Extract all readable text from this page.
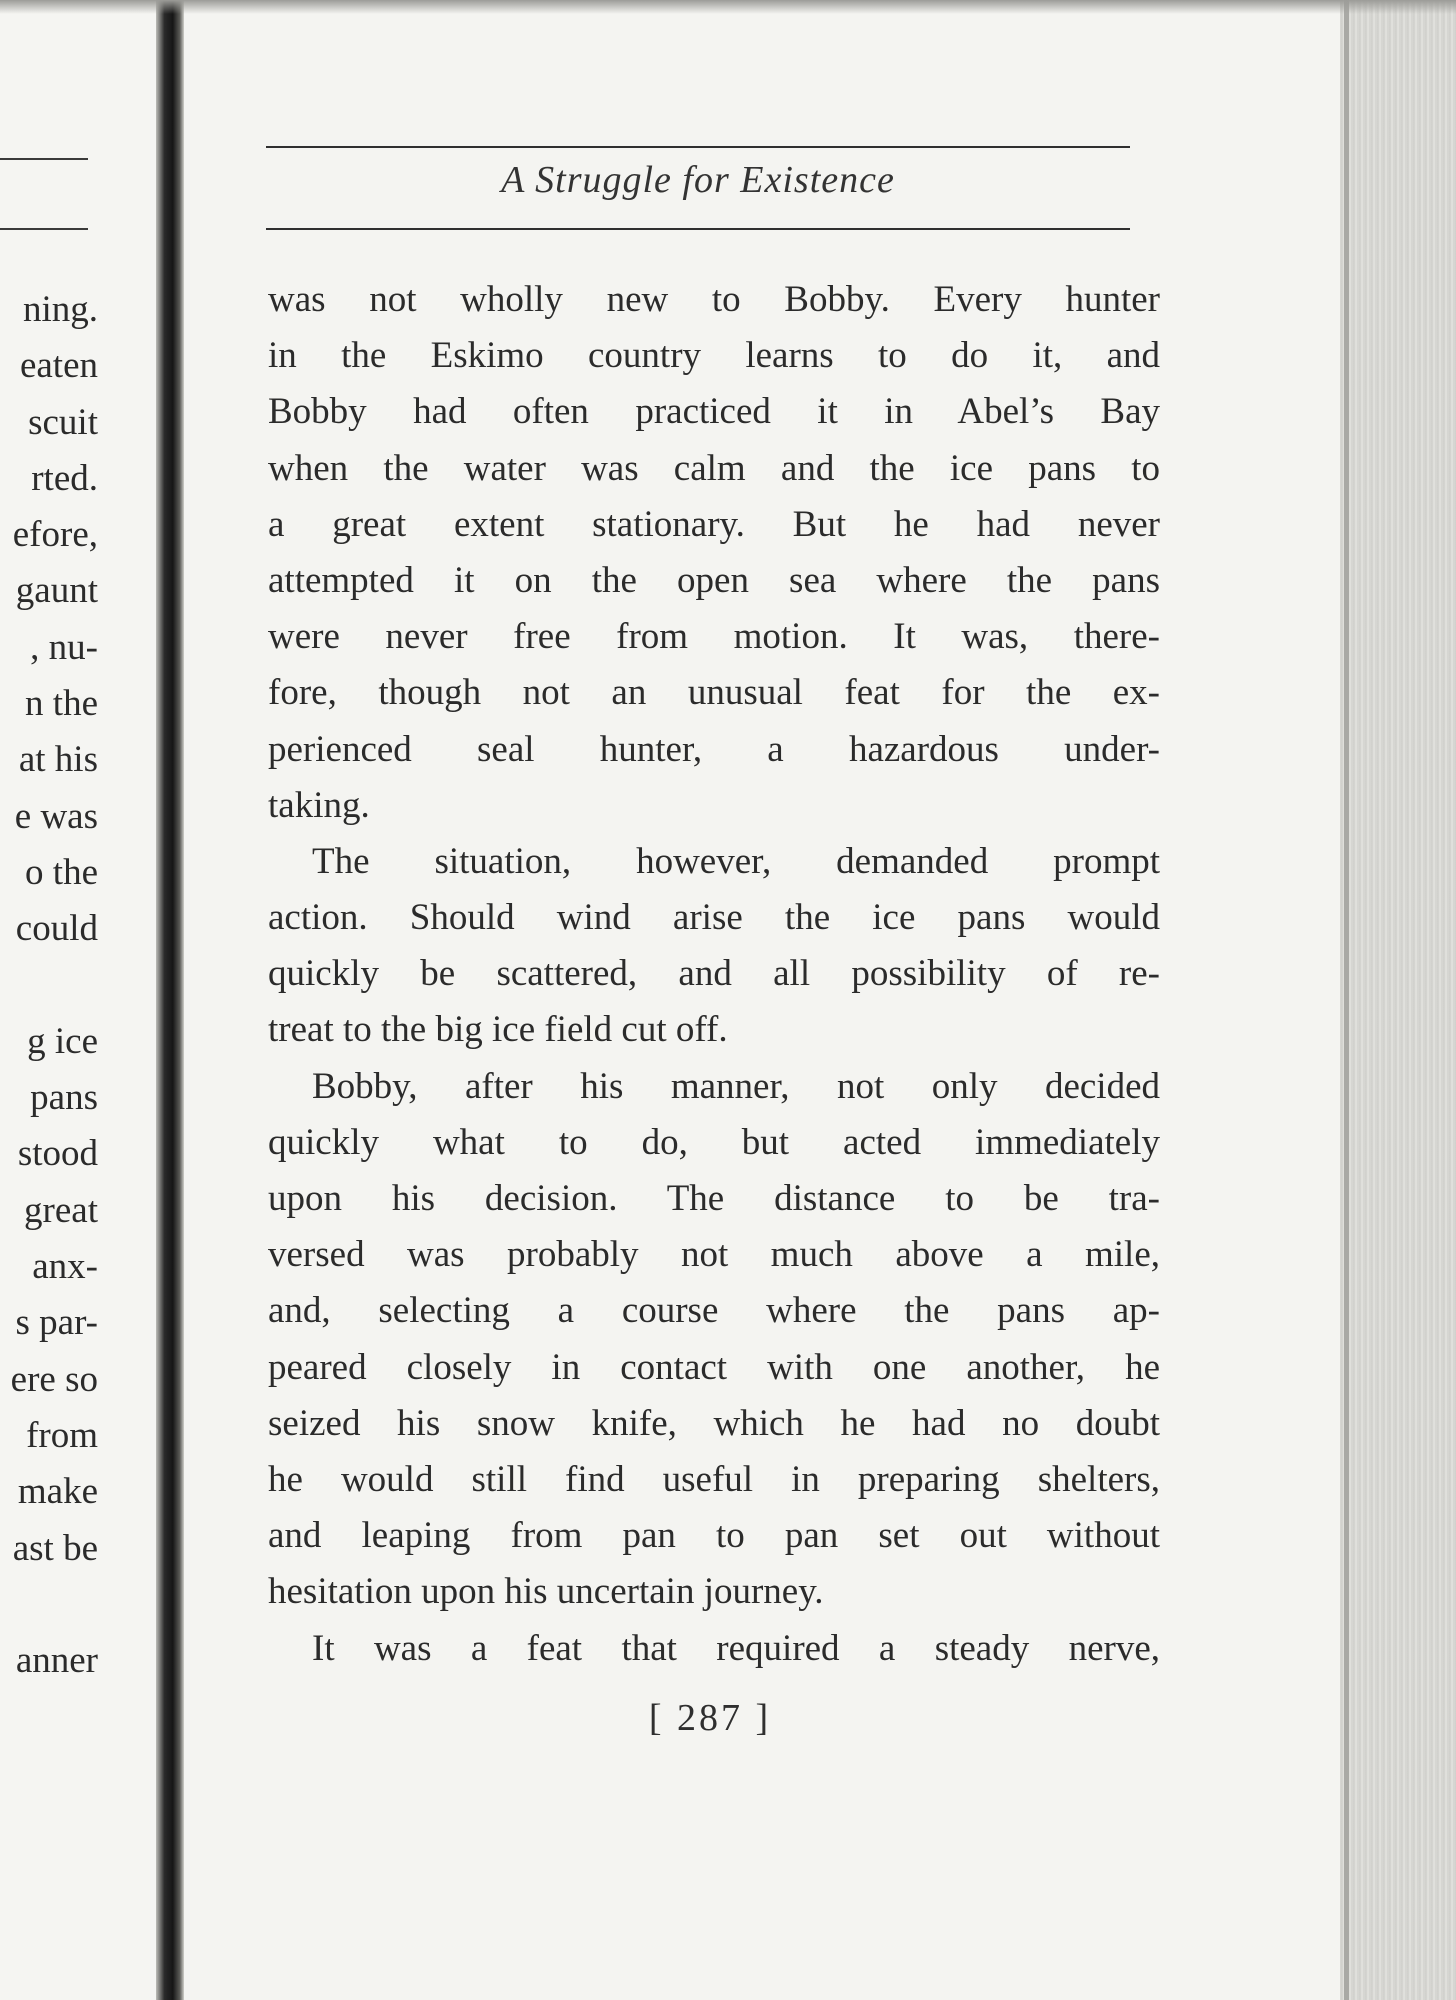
ning.
eaten
scuit
rted.
efore,
gaunt
, nu-
n the
at his
e was
o the
could
g ice
pans
stood
great
anx-
s par-
ere so
from
make
ast be
anner
A Struggle for Existence
was not wholly new to Bobby. Every hunter
in the Eskimo country learns to do it, and
Bobby had often practiced it in Abel’s Bay
when the water was calm and the ice pans to
a great extent stationary. But he had never
attempted it on the open sea where the pans
were never free from motion. It was, there-
fore, though not an unusual feat for the ex-
perienced seal hunter, a hazardous under-
taking.
The situation, however, demanded prompt
action. Should wind arise the ice pans would
quickly be scattered, and all possibility of re-
treat to the big ice field cut off.
Bobby, after his manner, not only decided
quickly what to do, but acted immediately
upon his decision. The distance to be tra-
versed was probably not much above a mile,
and, selecting a course where the pans ap-
peared closely in contact with one another, he
seized his snow knife, which he had no doubt
he would still find useful in preparing shelters,
and leaping from pan to pan set out without
hesitation upon his uncertain journey.
It was a feat that required a steady nerve,
[ 287 ]
